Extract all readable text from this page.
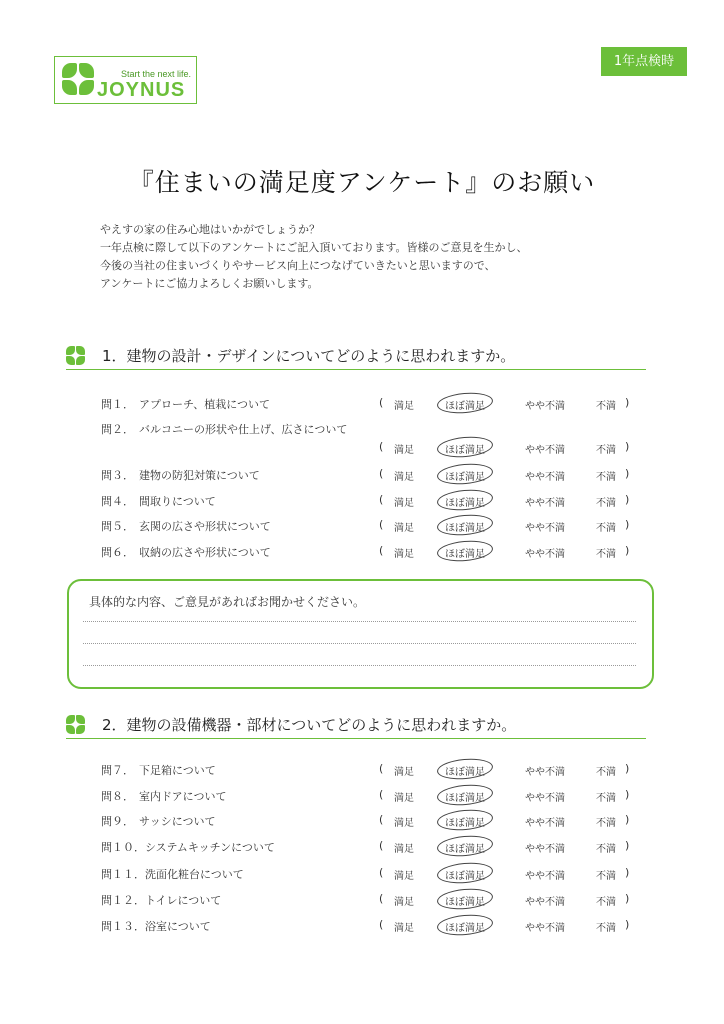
Start the next life.
JOYNUS
1年点検時
『住まいの満足度アンケート』のお願い
やえすの家の住み心地はいかがでしょうか？
一年点検に際して以下のアンケートにご記入頂いております。皆様のご意見を生かし、
今後の当社の住まいづくりやサービス向上につなげていきたいと思いますので、
アンケートにご協力よろしくお願いします。
1．建物の設計・デザインについてどのように思われますか。
問１． アプローチ、植栽について	(	満足	ほぼ満足	やや不満	不満 )
問２． バルコニーの形状や仕上げ、広さについて
(	満足	ほぼ満足	やや不満	不満 )
問３． 建物の防犯対策について	(	満足	ほぼ満足	やや不満	不満 )
問４． 間取りについて	(	満足	ほぼ満足	やや不満	不満 )
問５． 玄関の広さや形状について	(	満足	ほぼ満足	やや不満	不満 )
問６． 収納の広さや形状について	(	満足	ほぼ満足	やや不満	不満 )
具体的な内容、ご意見があればお聞かせください。
2．建物の設備機器・部材についてどのように思われますか。
問７． 下足箱について	(	満足	ほぼ満足	やや不満	不満 )
問８． 室内ドアについて	(	満足	ほぼ満足	やや不満	不満 )
問９． サッシについて	(	満足	ほぼ満足	やや不満	不満 )
問１０．システムキッチンについて	(	満足	ほぼ満足	やや不満	不満 )
問１１．洗面化粧台について	(	満足	ほぼ満足	やや不満	不満 )
問１２．トイレについて	(	満足	ほぼ満足	やや不満	不満 )
問１３．浴室について	(	満足	ほぼ満足	やや不満	不満 )
